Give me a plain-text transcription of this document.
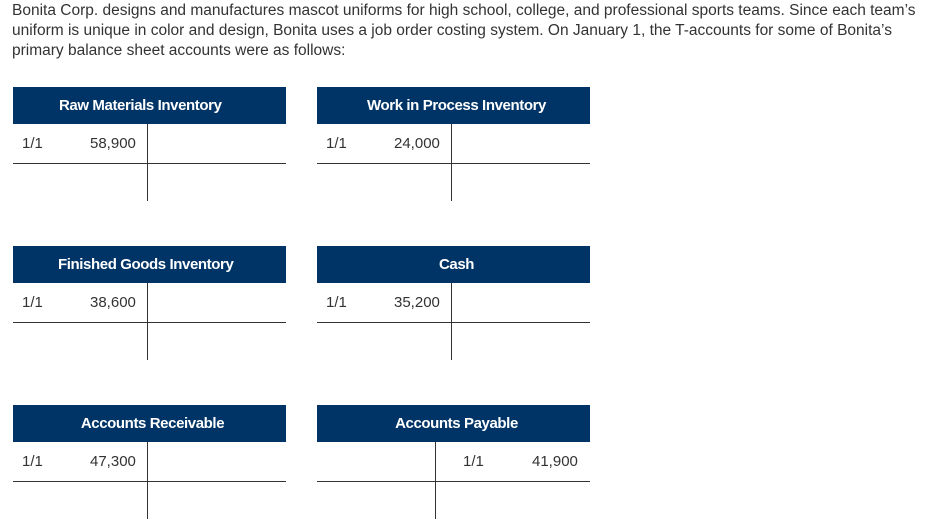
Bonita Corp. designs and manufactures mascot uniforms for high school, college, and professional sports teams. Since each team’s uniform is unique in color and design, Bonita uses a job order costing system. On January 1, the T-accounts for some of Bonita’s primary balance sheet accounts were as follows:

Raw Materials Inventory
1/1	58,900
Work in Process Inventory
1/1	24,000
Finished Goods Inventory
1/1	38,600
Cash
1/1	35,200
Accounts Receivable
1/1	47,300
Accounts Payable
1/1	41,900
